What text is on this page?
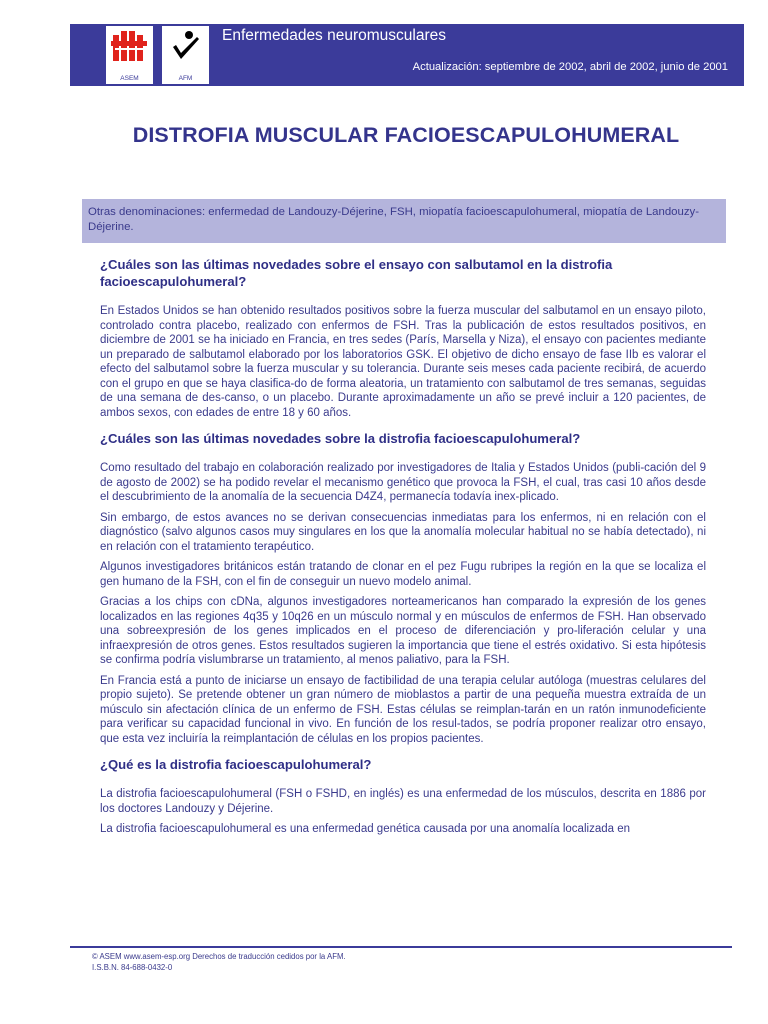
ASEM	AFM
Enfermedades neuromusculares
Actualización: septiembre de 2002, abril de 2002, junio de 2001
DISTROFIA MUSCULAR FACIOESCAPULOHUMERAL
Otras denominaciones: enfermedad de Landouzy-Déjerine, FSH, miopatía facioescapulohumeral, miopatía de Landouzy-Déjerine.
¿Cuáles son las últimas novedades sobre el ensayo con salbutamol en la distrofia facioescapulohumeral?

En Estados Unidos se han obtenido resultados positivos sobre la fuerza muscular del salbutamol en un ensayo piloto, controlado contra placebo, realizado con enfermos de FSH. Tras la publicación de estos resultados positivos, en diciembre de 2001 se ha iniciado en Francia, en tres sedes (París, Marsella y Niza), el ensayo con pacientes mediante un preparado de salbutamol elaborado por los laboratorios GSK. El objetivo de dicho ensayo de fase IIb es valorar el efecto del salbutamol sobre la fuerza muscular y su tolerancia. Durante seis meses cada paciente recibirá, de acuerdo con el grupo en que se haya clasifica-do de forma aleatoria, un tratamiento con salbutamol de tres semanas, seguidas de una semana de des-canso, o un placebo. Durante aproximadamente un año se prevé incluir a 120 pacientes, de ambos sexos, con edades de entre 18 y 60 años.

¿Cuáles son las últimas novedades sobre la distrofia facioescapulohumeral?

Como resultado del trabajo en colaboración realizado por investigadores de Italia y Estados Unidos (publi-cación del 9 de agosto de 2002) se ha podido revelar el mecanismo genético que provoca la FSH, el cual, tras casi 10 años desde el descubrimiento de la anomalía de la secuencia D4Z4, permanecía todavía inex-plicado.

Sin embargo, de estos avances no se derivan consecuencias inmediatas para los enfermos, ni en relación con el diagnóstico (salvo algunos casos muy singulares en los que la anomalía molecular habitual no se había detectado), ni en relación con el tratamiento terapéutico.

Algunos investigadores británicos están tratando de clonar en el pez Fugu rubripes la región en la que se localiza el gen humano de la FSH, con el fin de conseguir un nuevo modelo animal.

Gracias a los chips con cDNa, algunos investigadores norteamericanos han comparado la expresión de los genes localizados en las regiones 4q35 y 10q26 en un músculo normal y en músculos de enfermos de FSH. Han observado una sobreexpresión de los genes implicados en el proceso de diferenciación y pro-liferación celular y una infraexpresión de otros genes. Estos resultados sugieren la importancia que tiene el estrés oxidativo. Si esta hipótesis se confirma podría vislumbrarse un tratamiento, al menos paliativo, para la FSH.

En Francia está a punto de iniciarse un ensayo de factibilidad de una terapia celular autóloga (muestras celulares del propio sujeto). Se pretende obtener un gran número de mioblastos a partir de una pequeña muestra extraída de un músculo sin afectación clínica de un enfermo de FSH. Estas células se reimplan-tarán en un ratón inmunodeficiente para verificar su capacidad funcional in vivo. En función de los resul-tados, se podría proponer realizar otro ensayo, que esta vez incluiría la reimplantación de células en los propios pacientes.

¿Qué es la distrofia facioescapulohumeral?

La distrofia facioescapulohumeral (FSH o FSHD, en inglés) es una enfermedad de los músculos, descrita en 1886 por los doctores Landouzy y Déjerine.

La distrofia facioescapulohumeral es una enfermedad genética causada por una anomalía localizada en

© ASEM www.asem-esp.org Derechos de traducción cedidos por la AFM.
I.S.B.N. 84-688-0432-0
